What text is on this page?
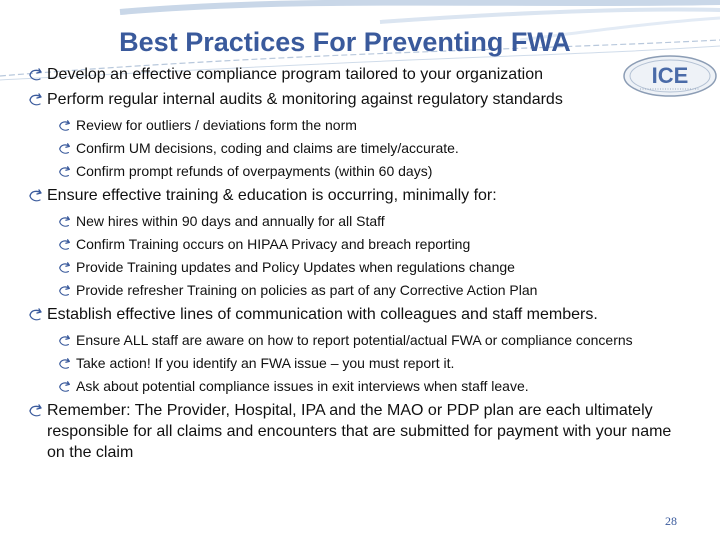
Best Practices For Preventing FWA
ICE
Develop an effective compliance program tailored to your organization
Perform regular internal audits & monitoring against regulatory standards
Review for outliers / deviations form the norm
Confirm UM decisions, coding and claims are timely/accurate.
Confirm prompt refunds of overpayments (within 60 days)
Ensure effective training & education is occurring, minimally for:
New hires within 90 days and annually for all Staff
Confirm Training occurs on HIPAA Privacy and breach reporting
Provide Training updates and Policy Updates when regulations change
Provide refresher Training on policies as part of any Corrective Action Plan
Establish effective lines of communication with colleagues and staff members.
Ensure ALL staff are aware on how to report potential/actual FWA or compliance concerns
Take action! If you identify an FWA issue – you must report it.
Ask about potential compliance issues in exit interviews when staff leave.
Remember: The Provider, Hospital, IPA and the MAO or PDP plan are each ultimately responsible for all claims and encounters that are submitted for payment with your name on the claim
28
